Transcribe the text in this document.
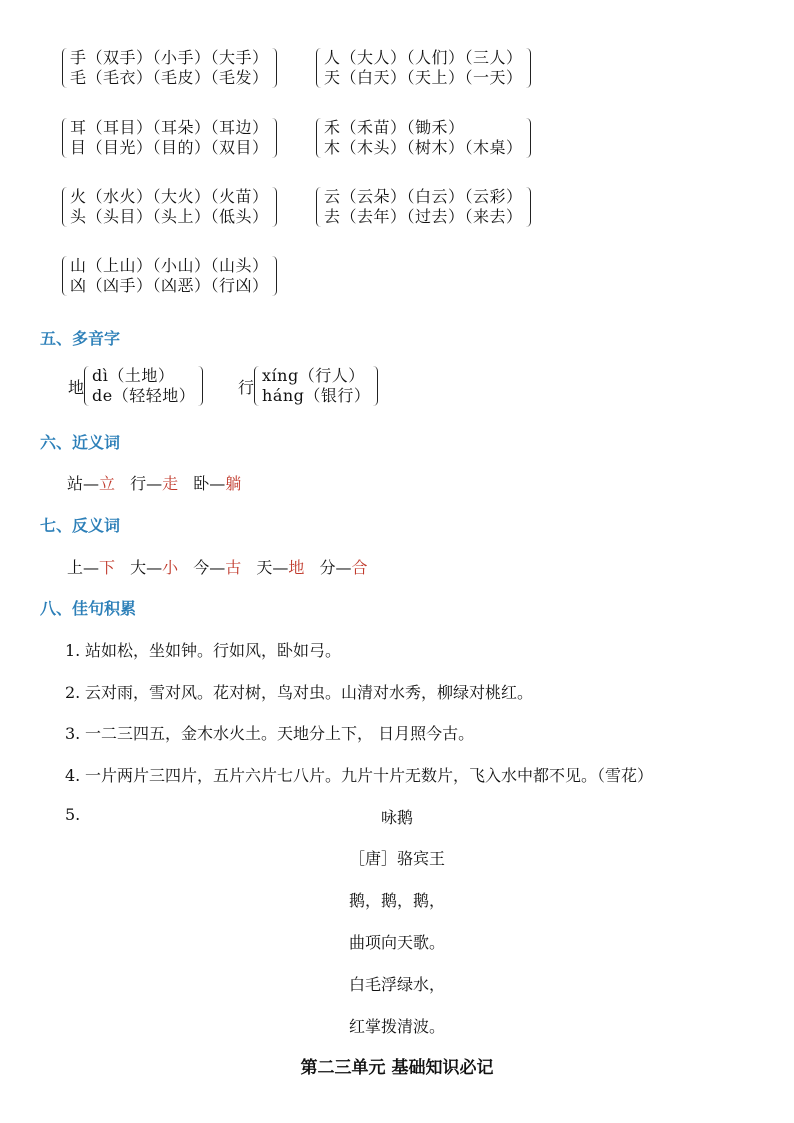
手（双手）（小手）（大手）
毛（毛衣）（毛皮）（毛发）
人（大人）（人们）（三人）
天（白天）（天上）（一天）
耳（耳目）（耳朵）（耳边）
目（目光）（目的）（双目）
禾（禾苗）（锄禾）
木（木头）（树木）（木桌）
火（水火）（大火）（火苗）
头（头目）（头上）（低头）
云（云朵）（白云）（云彩）
去（去年）（过去）（来去）
山（上山）（小山）（山头）
凶（凶手）（凶恶）（行凶）
五、多音字
地
dì（土地）
de（轻轻地）	行
xíng（行人）
háng（银行）
六、近义词
站—立 行—走 卧—躺
七、反义词
上—下 大—小 今—古 天—地 分—合
八、佳句积累
1. 站如松，坐如钟。行如风，卧如弓。
2. 云对雨，雪对风。花对树，鸟对虫。山清对水秀，柳绿对桃红。
3. 一二三四五，金木水火土。天地分上下， 日月照今古。
4. 一片两片三四片，五片六片七八片。九片十片无数片，飞入水中都不见。（雪花）
5.	咏鹅
［唐］骆宾王
鹅，鹅，鹅，
曲项向天歌。
白毛浮绿水，
红掌拨清波。
第二三单元 基础知识必记
